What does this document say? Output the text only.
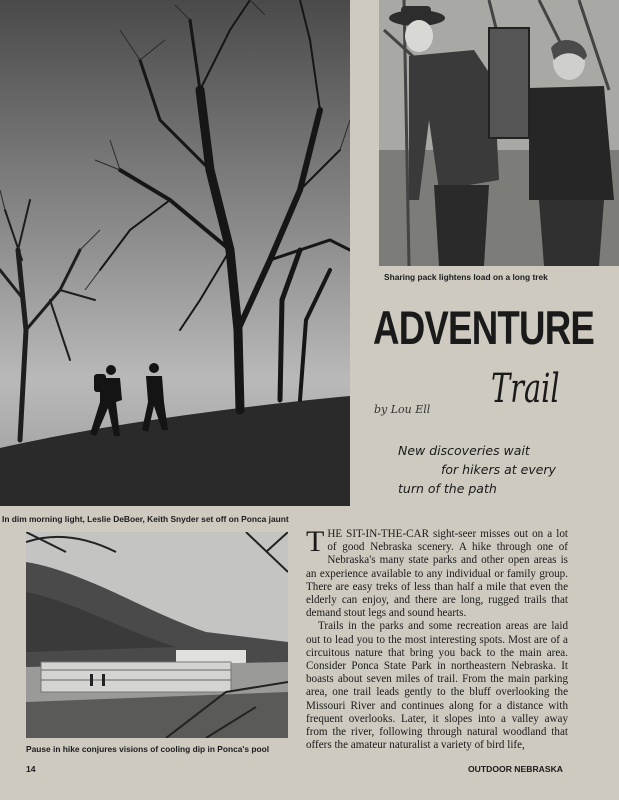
Sharing pack lightens load on a long trek
ADVENTURE
Trail
by Lou Ell
New discoveries wait
for hikers at every
turn of the path
In dim morning light, Leslie DeBoer, Keith Snyder set off on Ponca jaunt
Pause in hike conjures visions of cooling dip in Ponca's pool

THE SIT-IN-THE-CAR sight-seer misses out on a lot of good Nebraska scenery. A hike through one of Nebraska's many state parks and other open areas is an experience available to any individual or family group. There are easy treks of less than half a mile that even the elderly can enjoy, and there are long, rugged trails that demand stout legs and sound hearts.

Trails in the parks and some recreation areas are laid out to lead you to the most interesting spots. Most are of a circuitous nature that bring you back to the main area. Consider Ponca State Park in northeastern Nebraska. It boasts about seven miles of trail. From the main parking area, one trail leads gently to the bluff overlooking the Missouri River and continues along for a distance with frequent overlooks. Later, it slopes into a valley away from the river, following through natural woodland that offers the amateur naturalist a variety of bird life,

14	OUTDOOR NEBRASKA
